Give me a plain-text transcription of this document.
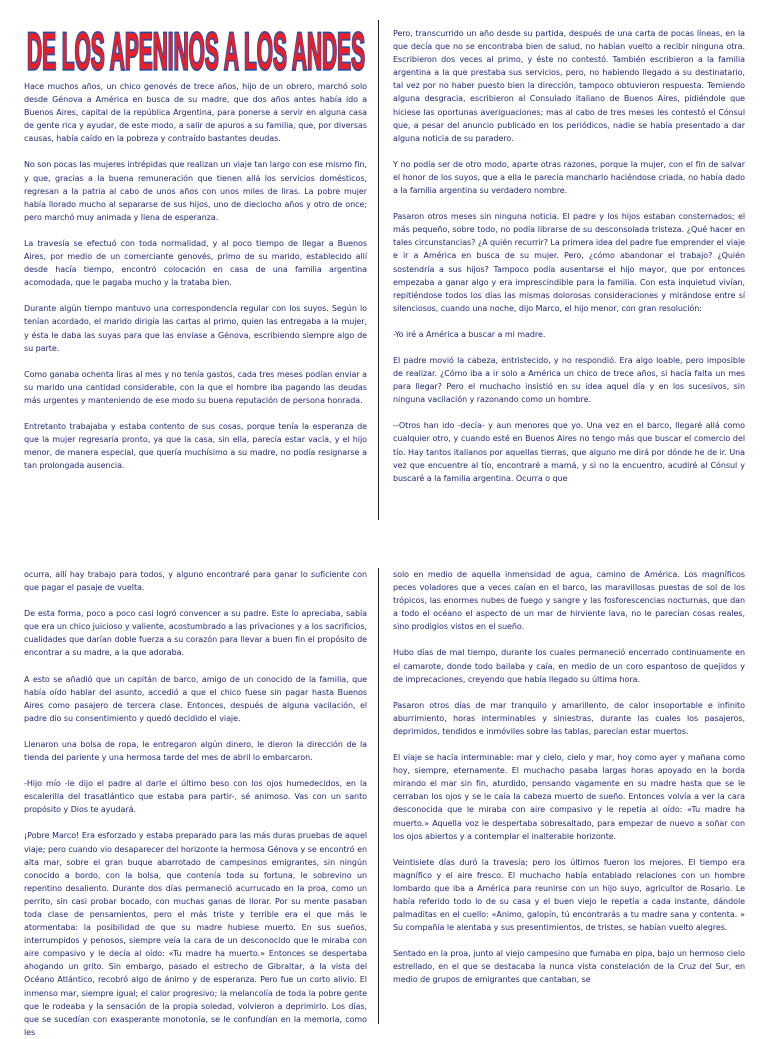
DE LOS APENINOS A LOS ANDES

Hace muchos años, un chico genovés de trece años, hijo de un obrero, marchó solo desde Génova a América en busca de su madre, que dos años antes había ido a Buenos Aires, capital de la república Argentina, para ponerse a servir en alguna casa de gente rica y ayudar, de este modo, a salir de apuros a su familia, que, por diversas causas, había caído en la pobreza y contraído bastantes deudas.

No son pocas las mujeres intrépidas que realizan un viaje tan largo con ese mismo fin, y que, gracias a la buena remuneración que tienen allá los servicios domésticos, regresan a la patria al cabo de unos años con unos miles de liras. La pobre mujer había llorado mucho al separarse de sus hijos, uno de dieciocho años y otro de once; pero marchó muy animada y llena de esperanza.

La travesía se efectuó con toda normalidad, y al poco tiempo de llegar a Buenos Aires, por medio de un comerciante genovés, primo de su marido, establecido allí desde hacía tiempo, encontró colocación en casa de una familia argentina acomodada, que le pagaba mucho y la trataba bien.

Durante algún tiempo mantuvo una correspondencia regular con los suyos. Según lo tenían acordado, el marido dirigía las cartas al primo, quien las entregaba a la mujer, y ésta le daba las suyas para que las enviase a Génova, escribiendo siempre algo de su parte.

Como ganaba ochenta liras al mes y no tenía gastos, cada tres meses podían enviar a su marido una cantidad considerable, con la que el hombre iba pagando las deudas más urgentes y manteniendo de ese modo su buena reputación de persona honrada.

Entretanto trabajaba y estaba contento de sus cosas, porque tenía la esperanza de que la mujer regresaría pronto, ya que la casa, sin ella, parecía estar vacía, y el hijo menor, de manera especial, que quería muchísimo a su madre, no podía resignarse a tan prolongada ausencia.

Pero, transcurrido un año desde su partida, después de una carta de pocas líneas, en la que decía que no se encontraba bien de salud, no habían vuelto a recibir ninguna otra. Escribieron dos veces al primo, y éste no contestó. También escribieron a la familia argentina a la que prestaba sus servicios, pero, no habiendo llegado a su destinatario, tal vez por no haber puesto bien la dirección, tampoco obtuvieron respuesta. Temiendo alguna desgracia, escribieron al Consulado italiano de Buenos Aires, pidiéndole que hiciese las oportunas averiguaciones; mas al cabo de tres meses les contestó el Cónsul que, a pesar del anuncio publicado en los periódicos, nadie se había presentado a dar alguna noticia de su paradero.

Y no podía ser de otro modo, aparte otras razones, porque la mujer, con el fin de salvar el honor de los suyos, que a ella le parecía mancharlo haciéndose criada, no había dado a la familia argentina su verdadero nombre.

Pasaron otros meses sin ninguna noticia. El padre y los hijos estaban consternados; el más pequeño, sobre todo, no podía librarse de su desconsolada tristeza. ¿Qué hacer en tales circunstancias? ¿A quién recurrir? La primera idea del padre fue emprender el viaje e ir a América en busca de su mujer. Pero, ¿cómo abandonar el trabajo? ¿Quién sostendría a sus hijos? Tampoco podía ausentarse el hijo mayor, que por entonces empezaba a ganar algo y era imprescindible para la familia. Con esta inquietud vivían, repitiéndose todos los días las mismas dolorosas consideraciones y mirándose entre sí silenciosos, cuando una noche, dijo Marco, el hijo menor, con gran resolución:

-Yo iré a América a buscar a mi madre.

El padre movió la cabeza, entristecido, y no respondió. Era algo loable, pero imposible de realizar. ¿Cómo iba a ir solo a América un chico de trece años, si hacía falta un mes para llegar? Pero el muchacho insistió en su idea aquel día y en los sucesivos, sin ninguna vacilación y razonando como un hombre.

--Otros han ido -decía- y aun menores que yo. Una vez en el barco, llegaré allá como cualquier otro, y cuando esté en Buenos Aires no tengo más que buscar el comercio del tío. Hay tantos italianos por aquellas tierras, que alguno me dirá por dónde he de ir. Una vez que encuentre al tío, encontraré a mamá, y si no la encuentro, acudiré al Cónsul y buscaré a la familia argentina. Ocurra o que

ocurra, allí hay trabajo para todos, y alguno encontraré para ganar lo suficiente con que pagar el pasaje de vuelta.

De esta forma, poco a poco casi logró convencer a su padre. Este lo apreciaba, sabía que era un chico juicioso y valiente, acostumbrado a las privaciones y a los sacrificios, cualidades que darían doble fuerza a su corazón para llevar a buen fin el propósito de encontrar a su madre, a la que adoraba.

A esto se añadió que un capitán de barco, amigo de un conocido de la familia, que había oído hablar del asunto, accedió a que el chico fuese sin pagar hasta Buenos Aires como pasajero de tercera clase. Entonces, después de alguna vacilación, el padre dio su consentimiento y quedó decidido el viaje.

Llenaron una bolsa de ropa, le entregaron algún dinero, le dieron la dirección de la tienda del pariente y una hermosa tarde del mes de abril lo embarcaron.

-Hijo mío -le dijo el padre al darle el último beso con los ojos humedecidos, en la escalerilla del trasatlántico que estaba para partir-, sé animoso. Vas con un santo propósito y Dios te ayudará.

¡Pobre Marco! Era esforzado y estaba preparado para las más duras pruebas de aquel viaje; pero cuando vio desaparecer del horizonte la hermosa Génova y se encontró en alta mar, sobre el gran buque abarrotado de campesinos emigrantes, sin ningún conocido a bordo, con la bolsa, que contenía toda su fortuna, le sobrevino un repentino desaliento. Durante dos días permaneció acurrucado en la proa, como un perrito, sin casi probar bocado, con muchas ganas de llorar. Por su mente pasaban toda clase de pensamientos, pero el más triste y terrible era el que más le atormentaba: la posibilidad de que su madre hubiese muerto. En sus sueños, interrumpidos y penosos, siempre veía la cara de un desconocido que le miraba con aire compasivo y le decía al oído: «Tu madre ha muerto.» Entonces se despertaba ahogando un grito. Sin embargo, pasado el estrecho de Gibraltar, a la vista del Océano Atlántico, recobró algo de ánimo y de esperanza. Pero fue un corto alivio. El inmenso mar, siempre igual; el calor progresivo; la melancolía de toda la pobre gente que le rodeaba y la sensación de la propia soledad, volvieron a deprimirlo. Los días, que se sucedían con exasperante monotonía, se le confundían en la memoria, como les

solo en medio de aquella inmensidad de agua, camino de América. Los magníficos peces voladores que a veces caían en el barco, las maravillosas puestas de sol de los trópicos, las enormes nubes de fuego y sangre y las fosforescencias nocturnas, que dan a todo el océano el aspecto de un mar de hirviente lava, no le parecían cosas reales, sino prodigios vistos en el sueño.

Hubo días de mal tiempo, durante los cuales permaneció encerrado continuamente en el camarote, donde todo bailaba y caía, en medio de un coro espantoso de quejidos y de imprecaciones, creyendo que había llegado su última hora.

Pasaron otros días de mar tranquilo y amarillento, de calor insoportable e infinito aburrimiento, horas interminables y siniestras, durante las cuales los pasajeros, deprimidos, tendidos e inmóviles sobre las tablas, parecían estar muertos.

El viaje se hacía interminable: mar y cielo, cielo y mar, hoy como ayer y mañana como hoy, siempre, eternamente. El muchacho pasaba largas horas apoyado en la borda mirando el mar sin fin, aturdido, pensando vagamente en su madre hasta que se le cerraban los ojos y se le caía la cabeza muerto de sueño. Entonces volvía a ver la cara desconocida que le miraba con aire compasivo y le repetía al oído: «Tu madre ha muerto.» Aquella voz le despertaba sobresaltado, para empezar de nuevo a soñar con los ojos abiertos y a contemplar el inalterable horizonte.

Veintisiete días duró la travesía; pero los últimos fueron los mejores. El tiempo era magnífico y el aire fresco. El muchacho había entablado relaciones con un hombre lombardo que iba a América para reunirse con un hijo suyo, agricultor de Rosario. Le había referido todo lo de su casa y el buen viejo le repetía a cada instante, dándole palmaditas en el cuello: «Animo, galopín, tú encontrarás a tu madre sana y contenta. » Su compañía le alentaba y sus presentimientos, de tristes, se habían vuelto alegres.

Sentado en la proa, junto al viejo campesino que fumaba en pipa, bajo un hermoso cielo estrellado, en el que se destacaba la nunca vista constelación de la Cruz del Sur, en medio de grupos de emigrantes que cantaban, se
